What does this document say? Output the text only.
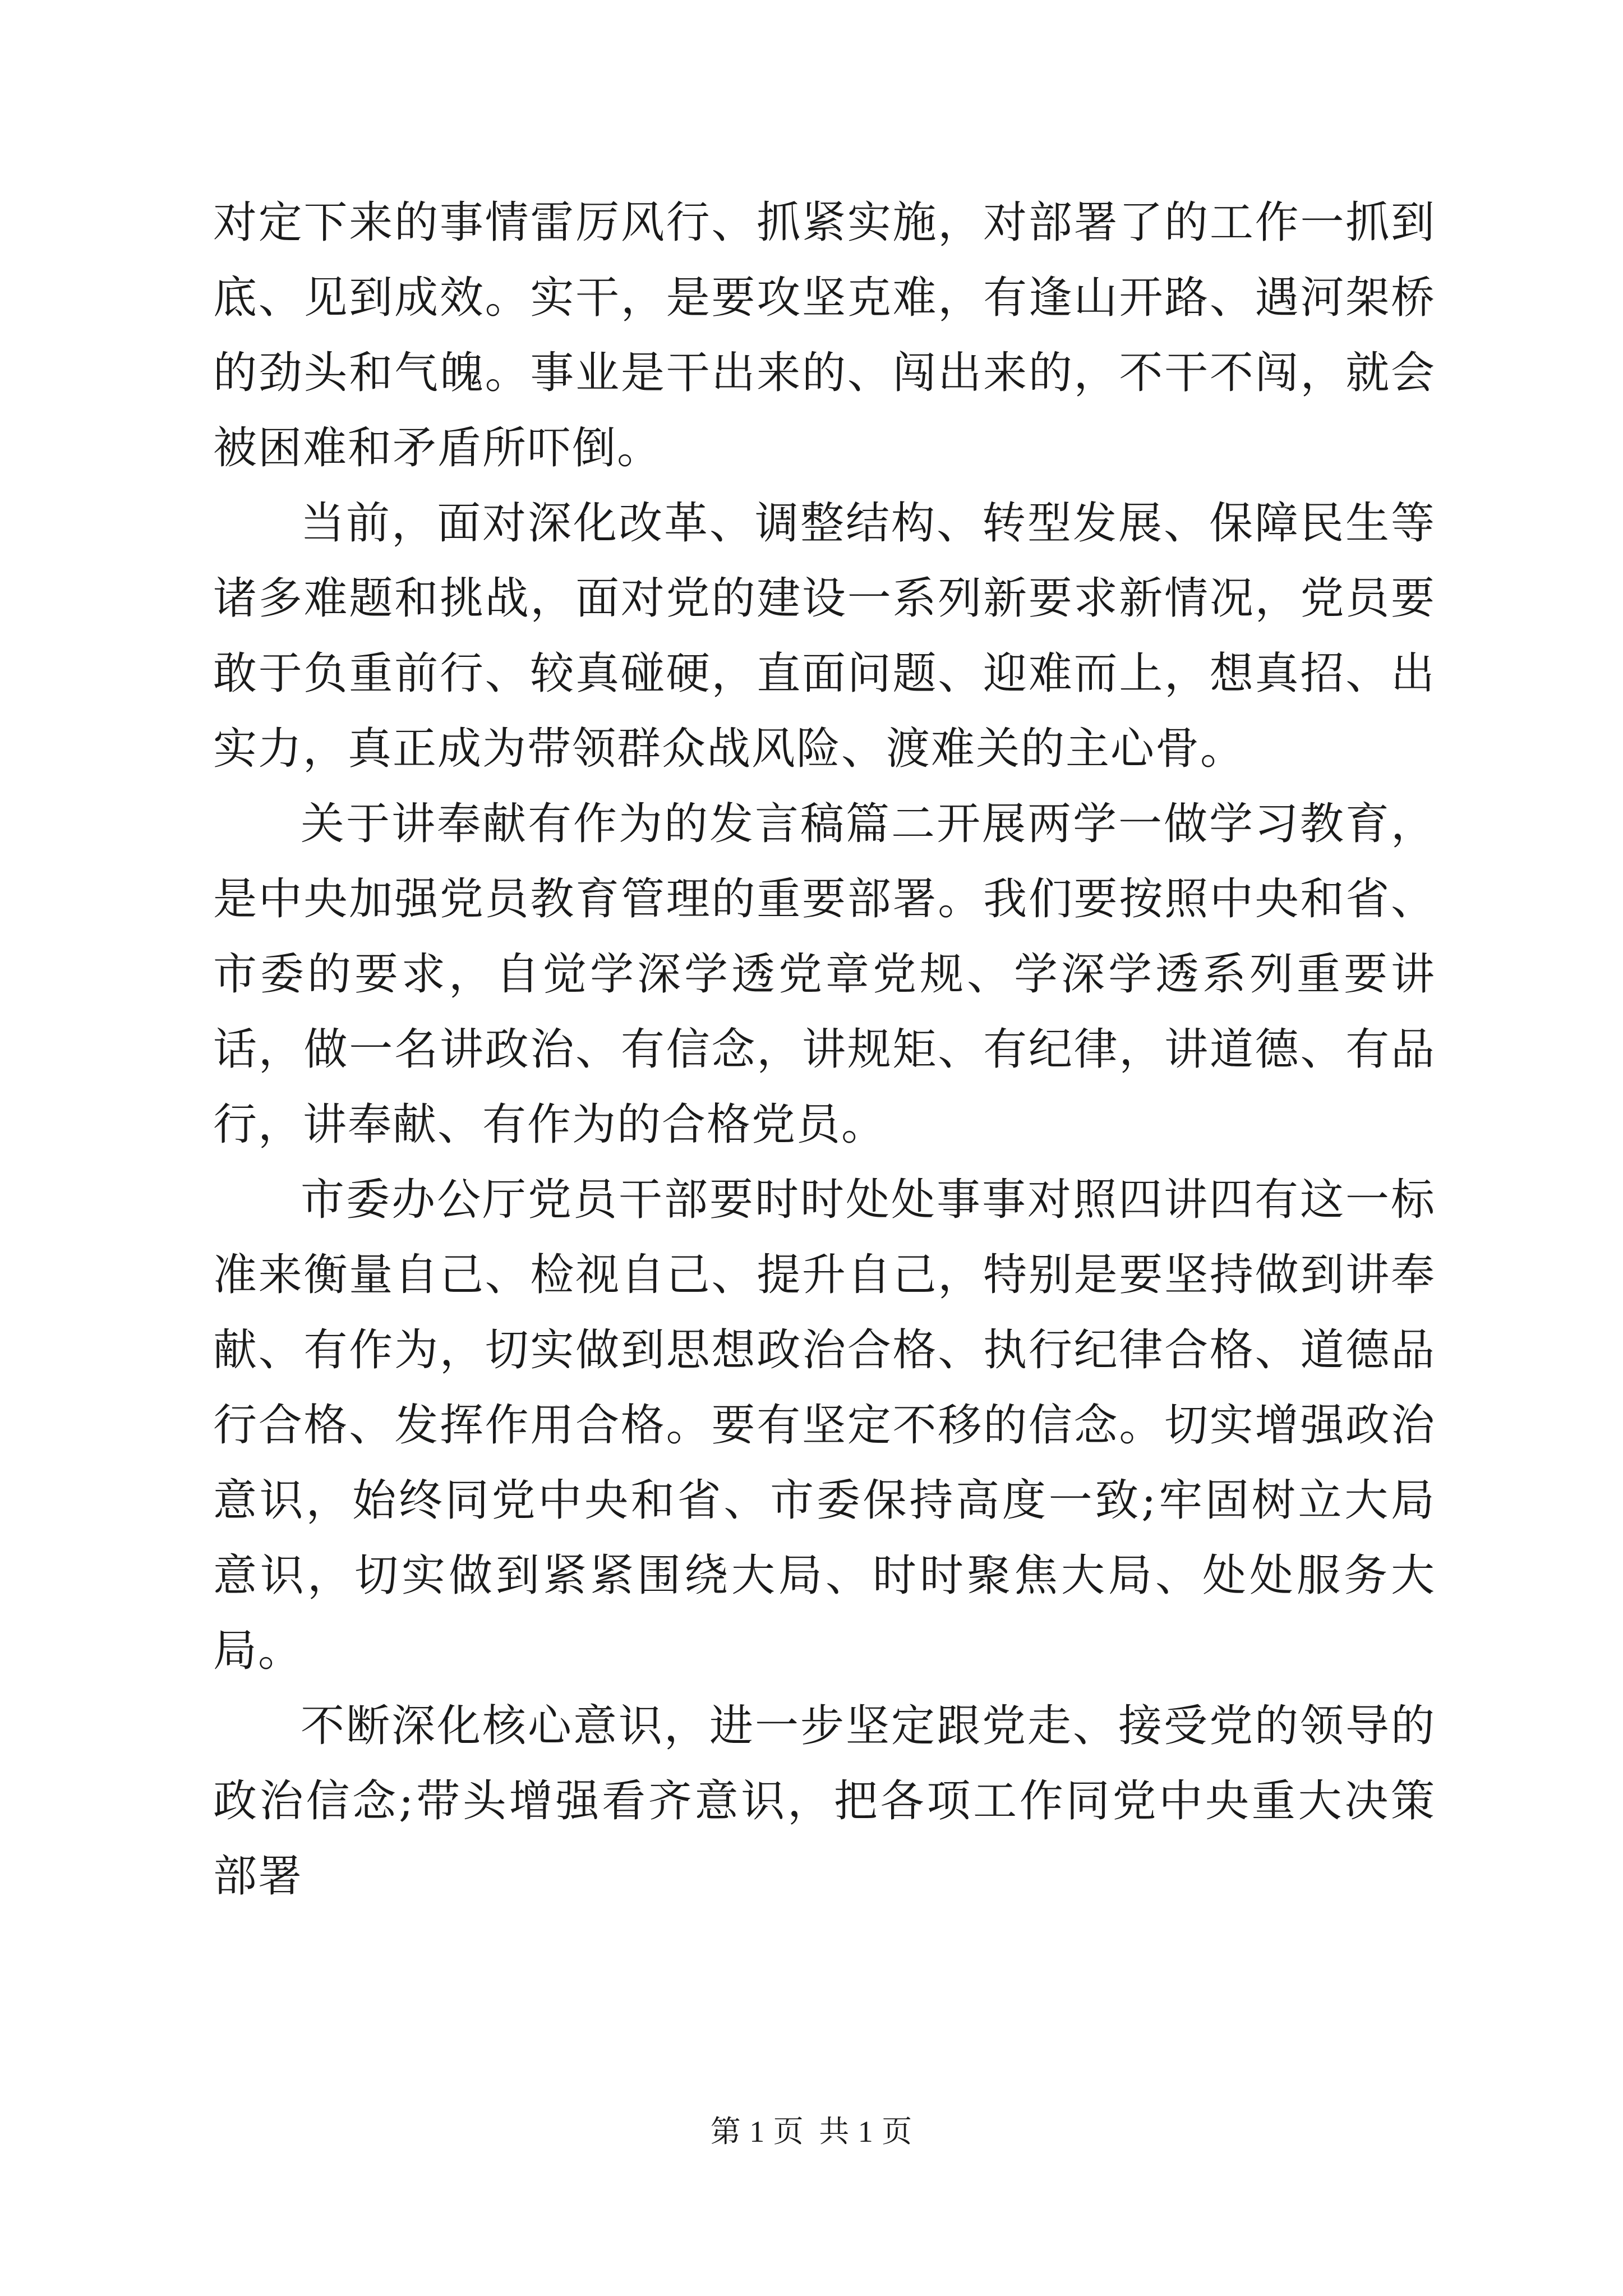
对定下来的事情雷厉风行、抓紧实施，对部署了的工作一抓到底、见到成效。实干，是要攻坚克难，有逢山开路、遇河架桥的劲头和气魄。事业是干出来的、闯出来的，不干不闯，就会被困难和矛盾所吓倒。

当前，面对深化改革、调整结构、转型发展、保障民生等诸多难题和挑战，面对党的建设一系列新要求新情况，党员要敢于负重前行、较真碰硬，直面问题、迎难而上，想真招、出实力，真正成为带领群众战风险、渡难关的主心骨。

关于讲奉献有作为的发言稿篇二开展两学一做学习教育，是中央加强党员教育管理的重要部署。我们要按照中央和省、市委的要求，自觉学深学透党章党规、学深学透系列重要讲话，做一名讲政治、有信念，讲规矩、有纪律，讲道德、有品行，讲奉献、有作为的合格党员。

市委办公厅党员干部要时时处处事事对照四讲四有这一标准来衡量自己、检视自己、提升自己，特别是要坚持做到讲奉献、有作为，切实做到思想政治合格、执行纪律合格、道德品行合格、发挥作用合格。要有坚定不移的信念。切实增强政治意识，始终同党中央和省、市委保持高度一致;牢固树立大局意识，切实做到紧紧围绕大局、时时聚焦大局、处处服务大局。

不断深化核心意识，进一步坚定跟党走、接受党的领导的政治信念;带头增强看齐意识，把各项工作同党中央重大决策部署

第 1 页 共 1 页
